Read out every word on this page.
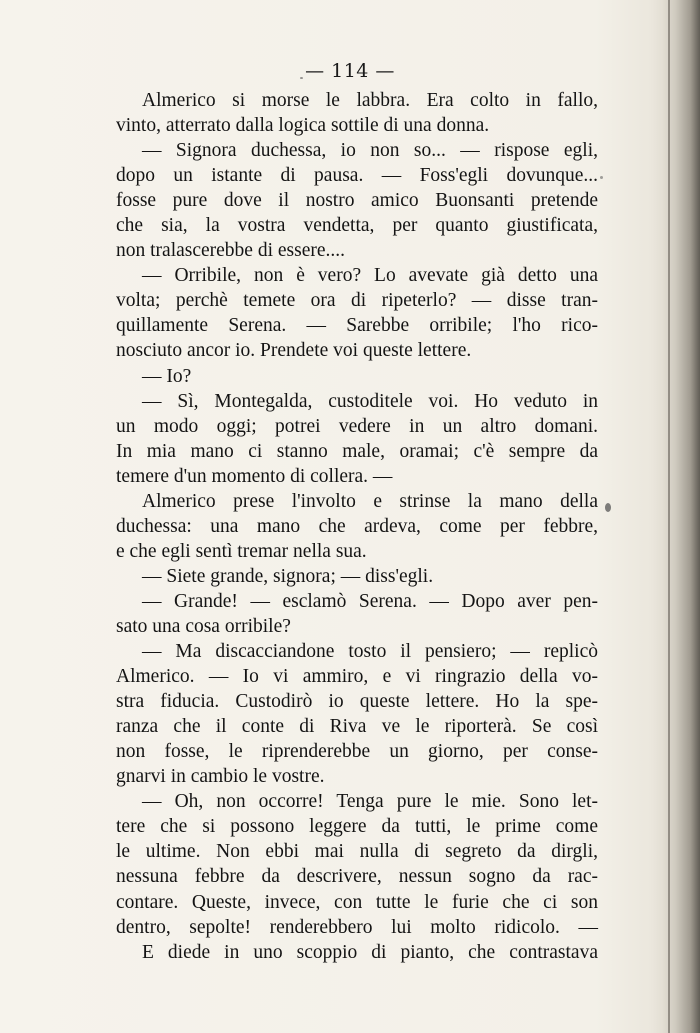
— 114 —
Almerico si morse le labbra. Era colto in fallo,
vinto, atterrato dalla logica sottile di una donna.
— Signora duchessa, io non so... — rispose egli,
dopo un istante di pausa. — Foss'egli dovunque...
fosse pure dove il nostro amico Buonsanti pretende
che sia, la vostra vendetta, per quanto giustificata,
non tralascerebbe di essere....
— Orribile, non è vero? Lo avevate già detto una
volta; perchè temete ora di ripeterlo? — disse tran-
quillamente Serena. — Sarebbe orribile; l'ho rico-
nosciuto ancor io. Prendete voi queste lettere.
— Io?
— Sì, Montegalda, custoditele voi. Ho veduto in
un modo oggi; potrei vedere in un altro domani.
In mia mano ci stanno male, oramai; c'è sempre da
temere d'un momento di collera. —
Almerico prese l'involto e strinse la mano della
duchessa: una mano che ardeva, come per febbre,
e che egli sentì tremar nella sua.
— Siete grande, signora; — diss'egli.
— Grande! — esclamò Serena. — Dopo aver pen-
sato una cosa orribile?
— Ma discacciandone tosto il pensiero; — replicò
Almerico. — Io vi ammiro, e vi ringrazio della vo-
stra fiducia. Custodirò io queste lettere. Ho la spe-
ranza che il conte di Riva ve le riporterà. Se così
non fosse, le riprenderebbe un giorno, per conse-
gnarvi in cambio le vostre.
— Oh, non occorre! Tenga pure le mie. Sono let-
tere che si possono leggere da tutti, le prime come
le ultime. Non ebbi mai nulla di segreto da dirgli,
nessuna febbre da descrivere, nessun sogno da rac-
contare. Queste, invece, con tutte le furie che ci son
dentro, sepolte! renderebbero lui molto ridicolo. —
E diede in uno scoppio di pianto, che contrastava
